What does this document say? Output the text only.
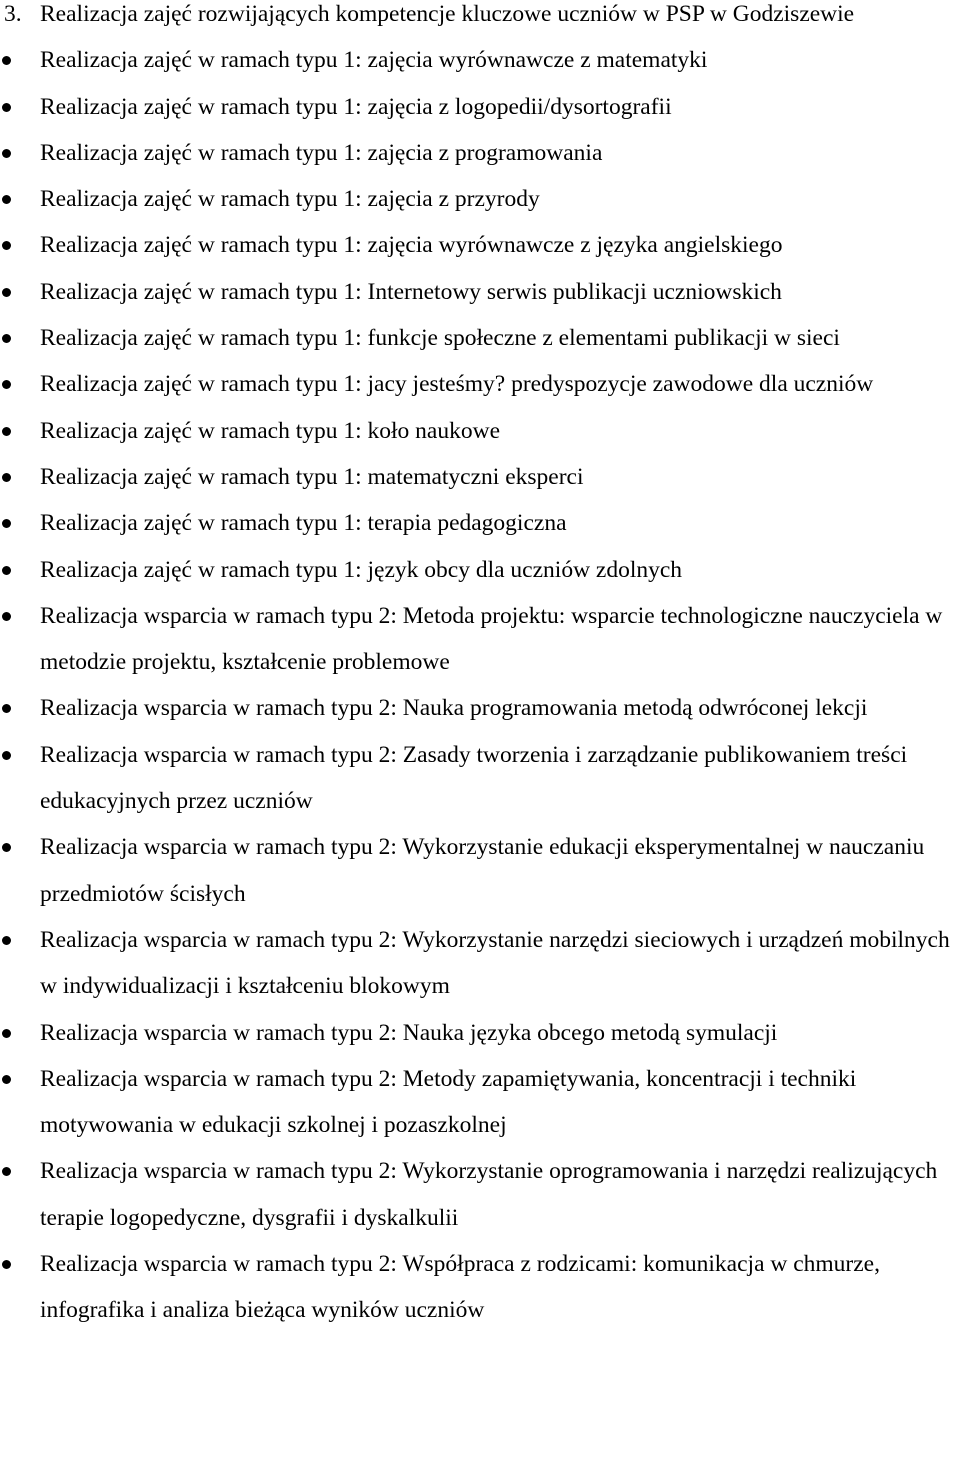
3. Realizacja zajęć rozwijających kompetencje kluczowe uczniów w PSP w Godziszewie
Realizacja zajęć w ramach typu 1: zajęcia wyrównawcze z matematyki
Realizacja zajęć w ramach typu 1: zajęcia z logopedii/dysortografii
Realizacja zajęć w ramach typu 1: zajęcia z programowania
Realizacja zajęć w ramach typu 1: zajęcia z przyrody
Realizacja zajęć w ramach typu 1: zajęcia wyrównawcze z języka angielskiego
Realizacja zajęć w ramach typu 1: Internetowy serwis publikacji uczniowskich
Realizacja zajęć w ramach typu 1: funkcje społeczne z elementami publikacji w sieci
Realizacja zajęć w ramach typu 1: jacy jesteśmy? predyspozycje zawodowe dla uczniów
Realizacja zajęć w ramach typu 1: koło naukowe
Realizacja zajęć w ramach typu 1: matematyczni eksperci
Realizacja zajęć w ramach typu 1: terapia pedagogiczna
Realizacja zajęć w ramach typu 1: język obcy dla uczniów zdolnych
Realizacja wsparcia w ramach typu 2: Metoda projektu: wsparcie technologiczne nauczyciela w metodzie projektu, kształcenie problemowe
Realizacja wsparcia w ramach typu 2: Nauka programowania metodą odwróconej lekcji
Realizacja wsparcia w ramach typu 2: Zasady tworzenia i zarządzanie publikowaniem treści edukacyjnych przez uczniów
Realizacja wsparcia w ramach typu 2: Wykorzystanie edukacji eksperymentalnej w nauczaniu przedmiotów ścisłych
Realizacja wsparcia w ramach typu 2: Wykorzystanie narzędzi sieciowych i urządzeń mobilnych w indywidualizacji i kształceniu blokowym
Realizacja wsparcia w ramach typu 2: Nauka języka obcego metodą symulacji
Realizacja wsparcia w ramach typu 2: Metody zapamiętywania, koncentracji i techniki motywowania w edukacji szkolnej i pozaszkolnej
Realizacja wsparcia w ramach typu 2: Wykorzystanie oprogramowania i narzędzi realizujących terapie logopedyczne, dysgrafii i dyskalkulii
Realizacja wsparcia w ramach typu 2: Współpraca z rodzicami: komunikacja w chmurze, infografika i analiza bieżąca wyników uczniów
